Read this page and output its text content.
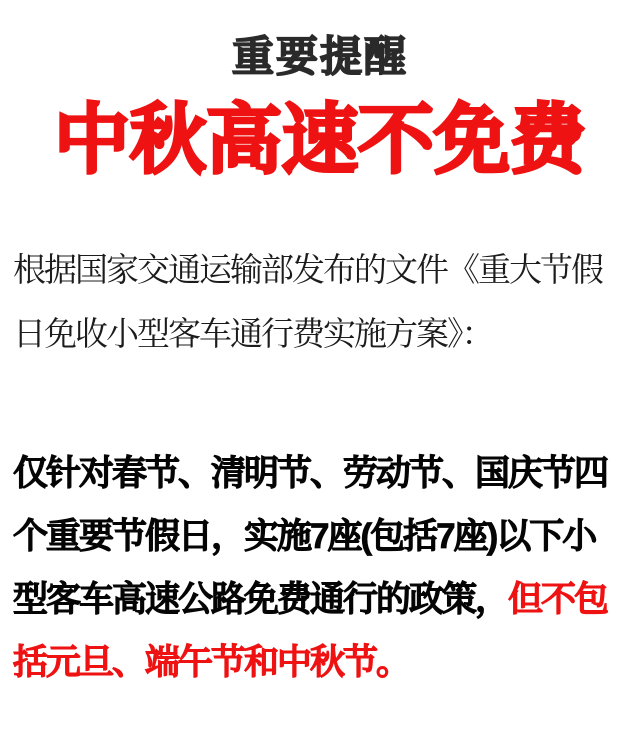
重要提醒
中秋高速不免费

根据国家交通运输部发布的文件《重大节假日免收小型客车通行费实施方案》：

仅针对春节、清明节、劳动节、国庆节四个重要节假日，实施7座(包括7座)以下小型客车高速公路免费通行的政策，但不包括元旦、端午节和中秋节。
